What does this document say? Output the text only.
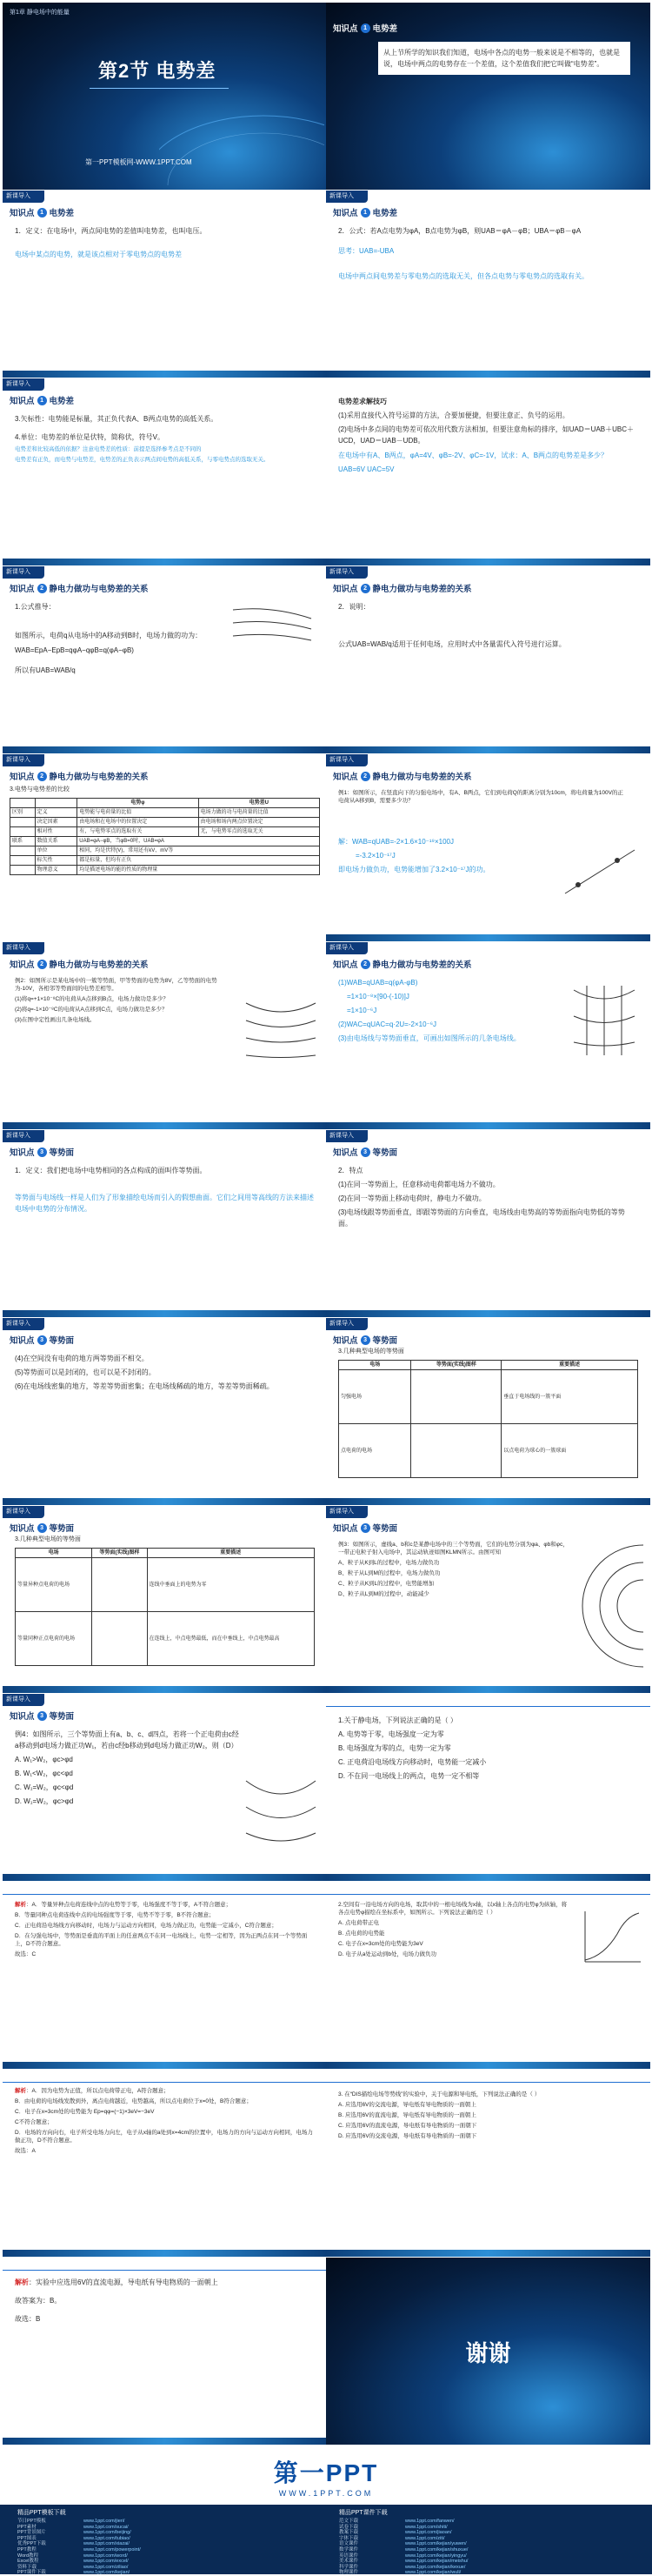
第1章 静电场中的能量
第2节 电势差
第一PPT模板网-WWW.1PPT.COM
知识点 1 电势差
从上节所学的知识我们知道，电场中各点的电势一般来说是不相等的，也就是说，电场中两点的电势存在一个差值，这个差值我们把它叫做“电势差”。
新课导入
知识点 1 电势差

1．定义：在电场中，两点间电势的差值叫电势差，也叫电压。

电场中某点的电势，就是该点相对于零电势点的电势差

新课导入
知识点 1 电势差

2．公式：若A点电势为φA，B点电势为φB，则UAB＝φA－φB；UBA＝φB－φA

思考：UAB=-UBA

电场中两点间电势差与零电势点的选取无关，但各点电势与零电势点的选取有关。

新课导入
知识点 1 电势差

3.矢标性：电势能是标量，其正负代表A、B两点电势的高低关系。

4.单位：电势差的单位是伏特，简称伏，符号V。

电势差和比较高低的依据？注意电势差的性质：前提是选择参考点是不同的

电势差有正负，而电势与电势差，电势差的正负表示两点间电势的高低关系，与零电势点的选取无关。

电势差求解技巧

(1)采用直接代入符号运算的方法，合要加便捷，但要注意正、负号的运用。

(2)电场中多点间的电势差可依次用代数方法相加，但要注意角标的排序，如UAD＝UAB＋UBC＋UCD，UAD＝UAB－UDB。

在电场中有A、B两点，φA=4V、φB=-2V、φC=-1V，试求：A、B两点的电势差是多少？

UAB=6V UAC=5V

新课导入
知识点 2 静电力做功与电势差的关系

1.公式推导：

如图所示，电荷q从电场中的A移动到B时，电场力做的功为：

WAB=EpA−EpB=qφA−qφB=q(φA−φB)

所以有UAB=WAB/q

新课导入
知识点 2 静电力做功与电势差的关系

2．说明：

公式UAB=WAB/q适用于任何电场，应用时式中各量需代入符号进行运算。

新课导入
知识点 2 静电力做功与电势差的关系

3.电势与电势差的比较

		电势φ	电势差U
区别	定义	电势能与电荷量的比值	电场力做的功与电荷量的比值
	决定因素	由电场和在电场中的位置决定	由电场和场内两点位置决定
	相对性	有，与电势零点的选取有关	无，与电势零点的选取无关
联系	数值关系	UAB=φA−φB，当φB=0时，UAB=φA	
	单位	相同，均是伏特(V)，常用还有kV、mV等	
	标矢性	都是标量，但均有正负	
	物理意义	均是描述电场的能的性质的物理量	
新课导入
知识点 2 静电力做功与电势差的关系

例1：如图所示，在竖直向下的匀强电场中，有A、B两点，它们到电荷Q的距离分别为10cm，将电荷量为100V的正电荷从A移到B，需要多少功？

解：WAB=qUAB=-2×1.6×10⁻¹⁹×100J

=-3.2×10⁻¹⁷J

即电场力做负功，电势能增加了3.2×10⁻¹⁷J的功。

新课导入
知识点 2 静电力做功与电势差的关系

例2：如图所示是某电场中的一簇等势面，甲等势面的电势为8V，乙等势面的电势为-10V，各相邻等势面间的电势差相等。

(1)将q=+1×10⁻⁸C的电荷从A点移到B点，电场力做功是多少？

(2)将q=-1×10⁻⁸C的电荷从A点移到C点，电场力做功是多少？

(3)在图中定性画出几条电场线。

新课导入
知识点 2 静电力做功与电势差的关系

(1)WAB=qUAB=q(φA-φB)

=1×10⁻⁸×[90-(-10)]J

=1×10⁻⁶J

(2)WAC=qUAC=q·2U=-2×10⁻⁶J

(3)由电场线与等势面垂直，可画出如图所示的几条电场线。

新课导入
知识点 3 等势面

1．定义：我们把电场中电势相同的各点构成的面叫作等势面。

等势面与电场线一样是人们为了形象描绘电场而引入的假想曲面。它们之间用等高线的方法来描述电场中电势的分布情况。

新课导入
知识点 3 等势面

2．特点

(1)在同一等势面上，任意移动电荷都电场力不做功。

(2)在同一等势面上移动电荷时，静电力不做功。

(3)电场线跟等势面垂直，即跟等势面的方向垂直，电场线由电势高的等势面指向电势低的等势面。

新课导入
知识点 3 等势面

(4)在空间没有电荷的地方两等势面不相交。

(5)等势面可以是封闭的，也可以是不封闭的。

(6)在电场线密集的地方，等差等势面密集；在电场线稀疏的地方，等差等势面稀疏。

新课导入
知识点 3 等势面

3.几种典型电场的等势面

电场	等势面(实线)图样	重要描述
匀强电场		垂直于电场线的一簇平面
点电荷的电场		以点电荷为球心的一簇球面
新课导入
知识点 3 等势面

3.几种典型电场的等势面

电场	等势面(实线)图样	重要描述
等量异种点电荷的电场		连线中垂面上的电势为零
等量同种正点电荷的电场		在连线上，中点电势最低，而在中垂线上，中点电势最高
新课导入
知识点 3 等势面

例3：如图所示，虚线a、b和c是某静电场中的三个等势面，它们的电势分别为φa、φb和φc，一带正电粒子射入电场中，其运动轨迹如图KLMN所示。由图可知

A、粒子从K到L的过程中，电场力做负功

B、粒子从L到M的过程中，电场力做负功

C、粒子从K到L的过程中，电势能增加

D、粒子从L到M的过程中，动能减少

新课导入
知识点 3 等势面

例4：如图所示，三个等势面上有a、b、c、d四点，若将一个正电荷由c经a移动到d电场力做正功W₁，若由c经b移动到d电场力做正功W₂，则（D）

A. W₁>W₂，φc>φd

B. W₁<W₂，φc<φd

C. W₁=W₂，φc<φd

D. W₁=W₂，φc>φd

1.关于静电场，下列说法正确的是（ ）

A. 电势等于零，电场强度一定为零

B. 电场强度为零的点，电势一定为零

C. 正电荷沿电场线方向移动时，电势能一定减小

D. 不在同一电场线上的两点，电势一定不相等

解析：A．等量异种点电荷连线中点的电势等于零，电场强度不等于零，A不符合题意；

B．等量同种点电荷连线中点的电场强度等于零，电势不等于零，B不符合题意；

C．正电荷沿电场线方向移动时，电场力与运动方向相同，电场力做正功，电势能一定减小，C符合题意；

D．在匀强电场中，等势面是垂直的平面上的任意两点不在同一电场线上，电势一定相等，因为正两点在同一个等势面上，D不符合题意。

故选：C

2.空间有一沿电场方向的电场，取其中的一根电场线为x轴，以x轴上各点的电势φ为纵轴，将各点电势φ描绘在坐标系中，如图所示。下列说法正确的是（ ）

A. 点电荷带正电

B. 点电荷的电势能

C. 电子在x=3cm处的电势能为3eV

D. 电子从a处运动到b处，电场力做负功

解析：A．因为电势为正值，所以点电荷带正电，A符合题意；

B．由电荷的电场线发散到外，离点电荷越近，电势越高，所以点电荷位于x=0处，B符合题意；

C．电子在x=3cm处的电势能为 Ep=qφ=(−1)×3eV=−3eV

C不符合题意；

D．电场的方向向右，电子所受电场力向左，电子从x轴的a处到x=4cm的位置中，电场力的方向与运动方向相同，电场力做正功，D不符合题意。

故选：A

3. 在“DIS描绘电场等势线”的实验中，关于电源和导电纸，下列说法正确的是（ ）

A. 应选用6V的交流电源，导电纸有导电物质的一面朝上

B. 应选用6V的直流电源，导电纸有导电物质的一面朝上

C. 应选用6V的直流电源，导电纸有导电物质的一面朝下

D. 应选用6V的交流电源，导电纸有导电物质的一面朝下

解析：实验中应选用6V的直流电源，导电纸有导电物质的一面朝上

故答案为：B。

故选：B

谢谢
第一PPT
WWW.1PPT.COM
精品PPT模板下载
节日PPT模板	www.1ppt.com/jieri/
PPT素材	www.1ppt.com/sucai/
PPT背景图片	www.1ppt.com/beijing/
PPT图表	www.1ppt.com/tubiao/
优秀PPT下载	www.1ppt.com/xiazai/
PPT教程	www.1ppt.com/powerpoint/
Word教程	www.1ppt.com/word/
Excel教程	www.1ppt.com/excel/
资料下载	www.1ppt.com/ziliao/
PPT课件下载	www.1ppt.com/kejian/
精品PPT课件下载
范文下载	www.1ppt.com/fanwen/
试卷下载	www.1ppt.com/shiti/
教案下载	www.1ppt.com/jiaoan/
字体下载	www.1ppt.com/ziti/
语文课件	www.1ppt.com/kejian/yuwen/
数学课件	www.1ppt.com/kejian/shuxue/
英语课件	www.1ppt.com/kejian/yingyu/
美术课件	www.1ppt.com/kejian/meishu/
科学课件	www.1ppt.com/kejian/kexue/
物理课件	www.1ppt.com/kejian/wuli/
